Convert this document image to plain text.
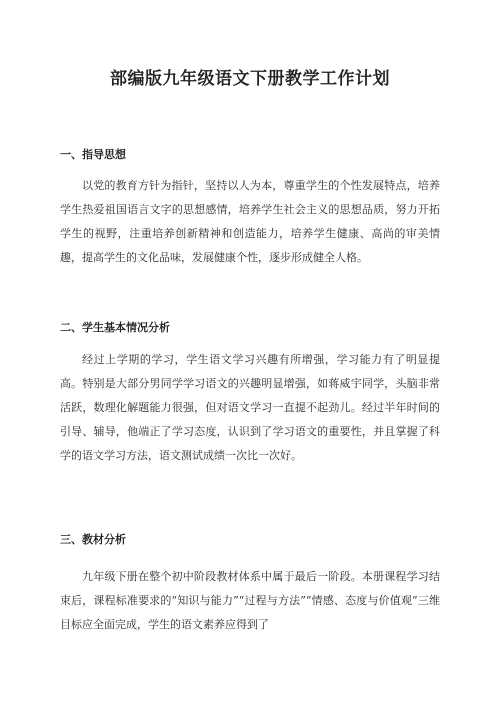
部编版九年级语文下册教学工作计划
一、指导思想

以党的教育方针为指针，坚持以人为本，尊重学生的个性发展特点，培养学生热爱祖国语言文字的思想感情，培养学生社会主义的思想品质，努力开拓学生的视野，注重培养创新精神和创造能力，培养学生健康、高尚的审美情趣，提高学生的文化品味，发展健康个性，逐步形成健全人格。

二、学生基本情况分析

经过上学期的学习，学生语文学习兴趣有所增强，学习能力有了明显提高。特别是大部分男同学学习语文的兴趣明显增强，如蒋威宇同学，头脑非常活跃，数理化解题能力很强，但对语文学习一直提不起劲儿。经过半年时间的引导、辅导，他端正了学习态度，认识到了学习语文的重要性，并且掌握了科学的语文学习方法，语文测试成绩一次比一次好。

三、教材分析

九年级下册在整个初中阶段教材体系中属于最后一阶段。本册课程学习结束后，课程标准要求的“知识与能力”“过程与方法”“情感、态度与价值观”三维目标应全面完成，学生的语文素养应得到了
